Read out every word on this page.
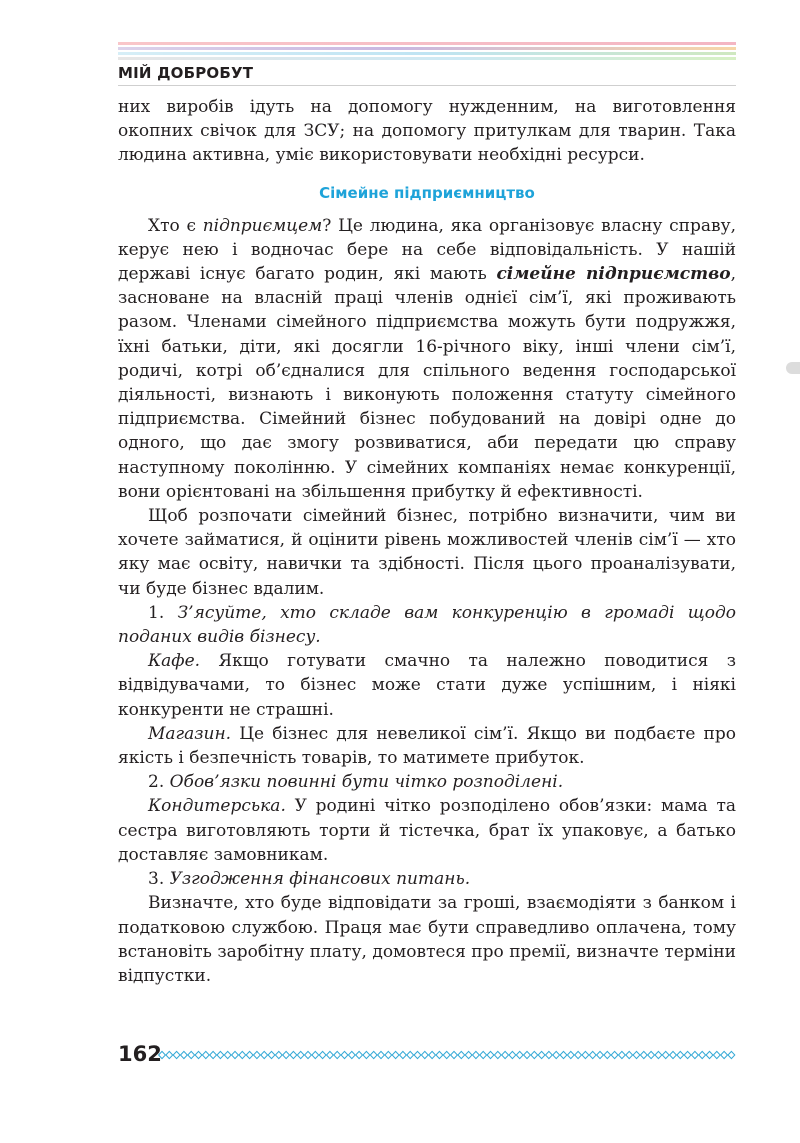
МІЙ ДОБРОБУТ

них виробів ідуть на допомогу нужденним, на виготовлення окопних свічок для ЗСУ; на допомогу притулкам для тварин. Така людина активна, уміє використовувати необхідні ресурси.

Сімейне підприємництво

Хто є підприємцем? Це людина, яка організовує власну справу, керує нею і водночас бере на себе відповідальність. У нашій державі існує багато родин, які мають сімейне підприємство, засноване на власній праці членів однієї сім’ї, які проживають разом. Членами сімейного підприємства можуть бути подружжя, їхні батьки, діти, які досягли 16-річного віку, інші члени сім’ї, родичі, котрі об’єдналися для спільного ведення господарської діяльності, визнають і виконують положення статуту сімейного підприємства. Сімейний бізнес побудований на довірі одне до одного, що дає змогу розвиватися, аби передати цю справу наступному поколінню. У сімейних компаніях немає конкуренції, вони орієнтовані на збільшення прибутку й ефективності.

Щоб розпочати сімейний бізнес, потрібно визначити, чим ви хочете займатися, й оцінити рівень можливостей членів сім’ї — хто яку має освіту, навички та здібності. Після цього проаналізувати, чи буде бізнес вдалим.

1. З’ясуйте, хто складе вам конкуренцію в громаді щодо поданих видів бізнесу.

Кафе. Якщо готувати смачно та належно поводитися з відвідувачами, то бізнес може стати дуже успішним, і ніякі конкуренти не страшні.

Магазин. Це бізнес для невеликої сім’ї. Якщо ви подбаєте про якість і безпечність товарів, то матимете прибуток.

2. Обов’язки повинні бути чітко розподілені.

Кондитерська. У родині чітко розподілено обов’язки: мама та сестра виготовляють торти й тістечка, брат їх упаковує, а батько доставляє замовникам.

3. Узгодження фінансових питань.

Визначте, хто буде відповідати за гроші, взаємодіяти з банком і податковою службою. Праця має бути справедливо оплачена, тому встановіть заробітну плату, домовтеся про премії, визначте терміни відпустки.

162
